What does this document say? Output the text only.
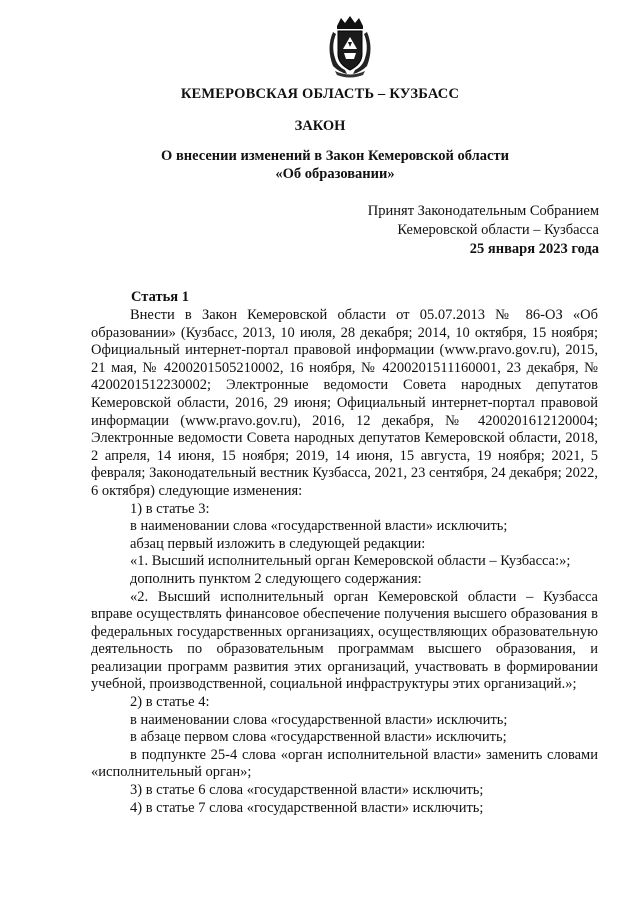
КЕМЕРОВСКАЯ ОБЛАСТЬ – КУЗБАСС
ЗАКОН
О внесении изменений в Закон Кемеровской области
«Об образовании»
Принят Законодательным Собранием
Кемеровской области – Кузбасса
25 января 2023 года
Статья 1

Внести в Закон Кемеровской области от 05.07.2013 № 86-ОЗ «Об образовании» (Кузбасс, 2013, 10 июля, 28 декабря; 2014, 10 октября, 15 ноября; Официальный интернет-портал правовой информации (www.pravo.gov.ru), 2015, 21 мая, № 4200201505210002, 16 ноября, № 4200201511160001, 23 декабря, № 4200201512230002; Электронные ведомости Совета народных депутатов Кемеровской области, 2016, 29 июня; Официальный интернет-портал правовой информации (www.pravo.gov.ru), 2016, 12 декабря, № 4200201612120004; Электронные ведомости Совета народных депутатов Кемеровской области, 2018, 2 апреля, 14 июня, 15 ноября; 2019, 14 июня, 15 августа, 19 ноября; 2021, 5 февраля; Законодательный вестник Кузбасса, 2021, 23 сентября, 24 декабря; 2022, 6 октября) следующие изменения:

1) в статье 3:

в наименовании слова «государственной власти» исключить;

абзац первый изложить в следующей редакции:

«1. Высший исполнительный орган Кемеровской области – Кузбасса:»;

дополнить пунктом 2 следующего содержания:

«2. Высший исполнительный орган Кемеровской области – Кузбасса вправе осуществлять финансовое обеспечение получения высшего образования в федеральных государственных организациях, осуществляющих образовательную деятельность по образовательным программам высшего образования, и реализации программ развития этих организаций, участвовать в формировании учебной, производственной, социальной инфраструктуры этих организаций.»;

2) в статье 4:

в наименовании слова «государственной власти» исключить;

в абзаце первом слова «государственной власти» исключить;

в подпункте 25-4 слова «орган исполнительной власти» заменить словами «исполнительный орган»;

3) в статье 6 слова «государственной власти» исключить;

4) в статье 7 слова «государственной власти» исключить;
